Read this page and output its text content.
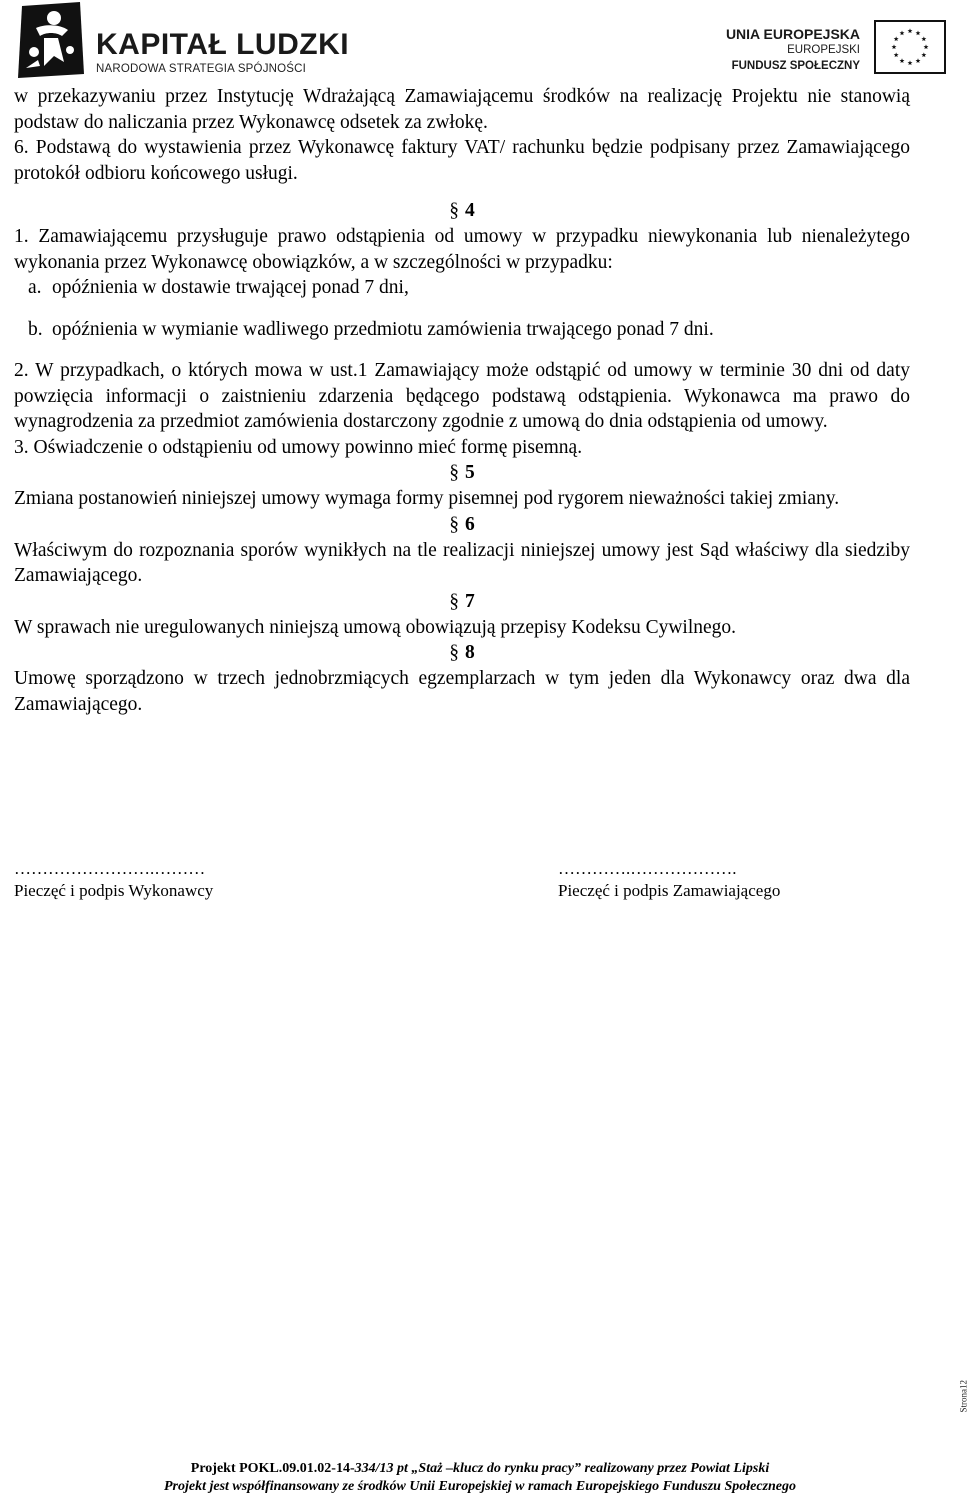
KAPITAŁ LUDZKI
NARODOWA STRATEGIA SPÓJNOŚCI
UNIA EUROPEJSKA
EUROPEJSKI
FUNDUSZ SPOŁECZNY

w przekazywaniu przez Instytucję Wdrażającą Zamawiającemu środków na realizację Projektu nie stanowią podstaw do naliczania przez Wykonawcę odsetek za zwłokę.

6. Podstawą do wystawienia przez Wykonawcę faktury VAT/ rachunku będzie podpisany przez Zamawiającego protokół odbioru końcowego usługi.

§ 4

1. Zamawiającemu przysługuje prawo odstąpienia od umowy w przypadku niewykonania lub nienależytego wykonania przez Wykonawcę obowiązków, a w szczególności w przypadku:

a. opóźnienia w dostawie trwającej ponad 7 dni,
b. opóźnienia w wymianie wadliwego przedmiotu zamówienia trwającego ponad 7 dni.

2. W przypadkach, o których mowa w ust.1 Zamawiający może odstąpić od umowy w terminie 30 dni od daty powzięcia informacji o zaistnieniu zdarzenia będącego podstawą odstąpienia. Wykonawca ma prawo do wynagrodzenia za przedmiot zamówienia dostarczony zgodnie z umową do dnia odstąpienia od umowy.

3. Oświadczenie o odstąpieniu od umowy powinno mieć formę pisemną.

§ 5

Zmiana postanowień niniejszej umowy wymaga formy pisemnej pod rygorem nieważności takiej zmiany.

§ 6

Właściwym do rozpoznania sporów wynikłych na tle realizacji niniejszej umowy jest Sąd właściwy dla siedziby Zamawiającego.

§ 7

W sprawach nie uregulowanych niniejszą umową obowiązują przepisy Kodeksu Cywilnego.

§ 8

Umowę sporządzono w trzech jednobrzmiących egzemplarzach w tym jeden dla Wykonawcy oraz dwa dla Zamawiającego.

…………………….………
Pieczęć i podpis Wykonawcy
………….……………….
Pieczęć i podpis Zamawiającego
Strona12
Projekt POKL.09.01.02-14-334/13 pt „Staż –klucz do rynku pracy” realizowany przez Powiat Lipski
Projekt jest współfinansowany ze środków Unii Europejskiej w ramach Europejskiego Funduszu Społecznego
